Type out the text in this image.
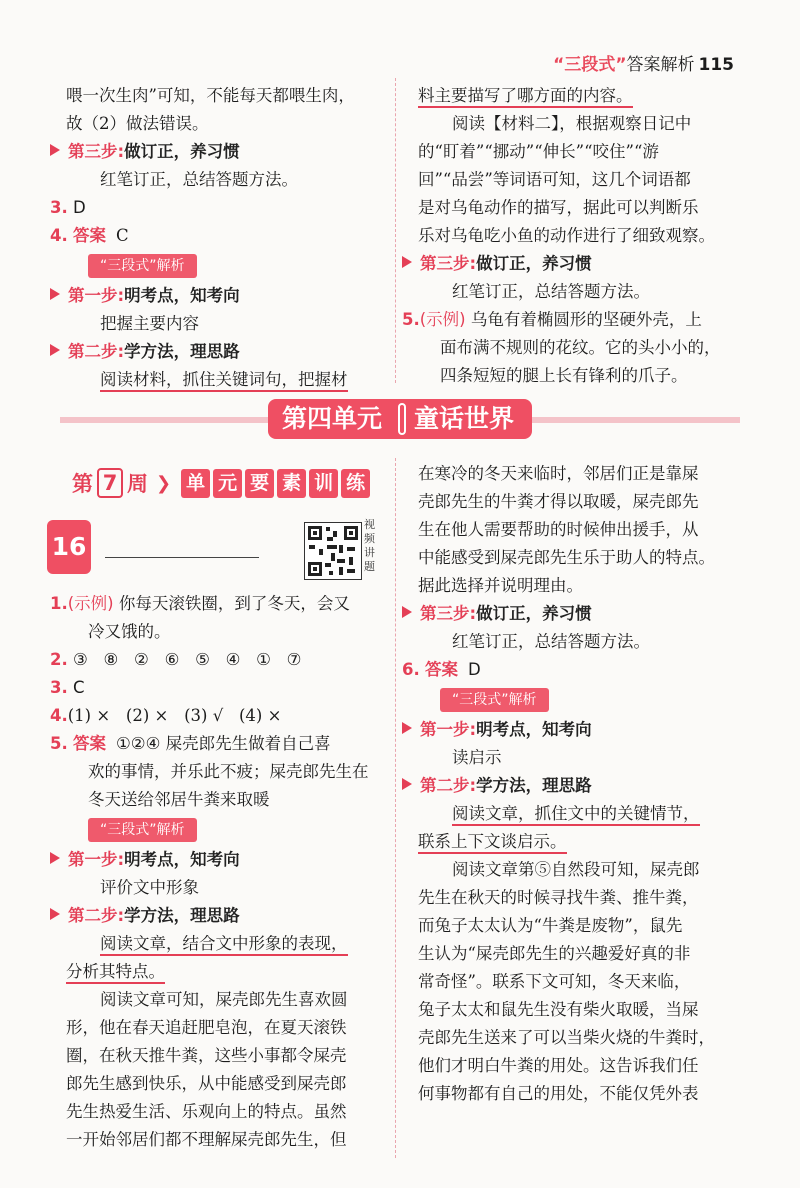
“三段式”答案解析 115

喂一次生肉”可知，不能每天都喂生肉，

故（2）做法错误。

第三步:做订正，养习惯

红笔订正，总结答题方法。

3. D

4. 答案 C

“三段式”解析

第一步:明考点，知考向

把握主要内容

第二步:学方法，理思路

阅读材料，抓住关键词句，把握材

料主要描写了哪方面的内容。

阅读【材料二】，根据观察日记中

的“盯着”“挪动”“伸长”“咬住”“游

回”“品尝”等词语可知，这几个词语都

是对乌龟动作的描写，据此可以判断乐

乐对乌龟吃小鱼的动作进行了细致观察。

第三步:做订正，养习惯

红笔订正，总结答题方法。

5.(示例) 乌龟有着椭圆形的坚硬外壳，上

面布满不规则的花纹。它的头小小的，

四条短短的腿上长有锋利的爪子。

第四单元 童话世界
第 7 周 ❯ 单 元 要 素 训 练
16
视频讲题

1.(示例) 你每天滚铁圈，到了冬天，会又

冷又饿的。

2. ③   ⑧   ②   ⑥   ⑤   ④   ①   ⑦

3. C

4.(1) ×   (2) ×   (3) √   (4) ×

5. 答案 ①②④ 屎壳郎先生做着自己喜

欢的事情，并乐此不疲；屎壳郎先生在

冬天送给邻居牛粪来取暖

“三段式”解析

第一步:明考点，知考向

评价文中形象

第二步:学方法，理思路

阅读文章，结合文中形象的表现，

分析其特点。

阅读文章可知，屎壳郎先生喜欢圆

形，他在春天追赶肥皂泡，在夏天滚铁

圈，在秋天推牛粪，这些小事都令屎壳

郎先生感到快乐，从中能感受到屎壳郎

先生热爱生活、乐观向上的特点。虽然

一开始邻居们都不理解屎壳郎先生，但

在寒冷的冬天来临时，邻居们正是靠屎

壳郎先生的牛粪才得以取暖，屎壳郎先

生在他人需要帮助的时候伸出援手，从

中能感受到屎壳郎先生乐于助人的特点。

据此选择并说明理由。

第三步:做订正，养习惯

红笔订正，总结答题方法。

6. 答案 D

“三段式”解析

第一步:明考点，知考向

读启示

第二步:学方法，理思路

阅读文章，抓住文中的关键情节，

联系上下文谈启示。

阅读文章第⑤自然段可知，屎壳郎

先生在秋天的时候寻找牛粪、推牛粪，

而兔子太太认为“牛粪是废物”，鼠先

生认为“屎壳郎先生的兴趣爱好真的非

常奇怪”。联系下文可知，冬天来临，

兔子太太和鼠先生没有柴火取暖，当屎

壳郎先生送来了可以当柴火烧的牛粪时，

他们才明白牛粪的用处。这告诉我们任

何事物都有自己的用处，不能仅凭外表
